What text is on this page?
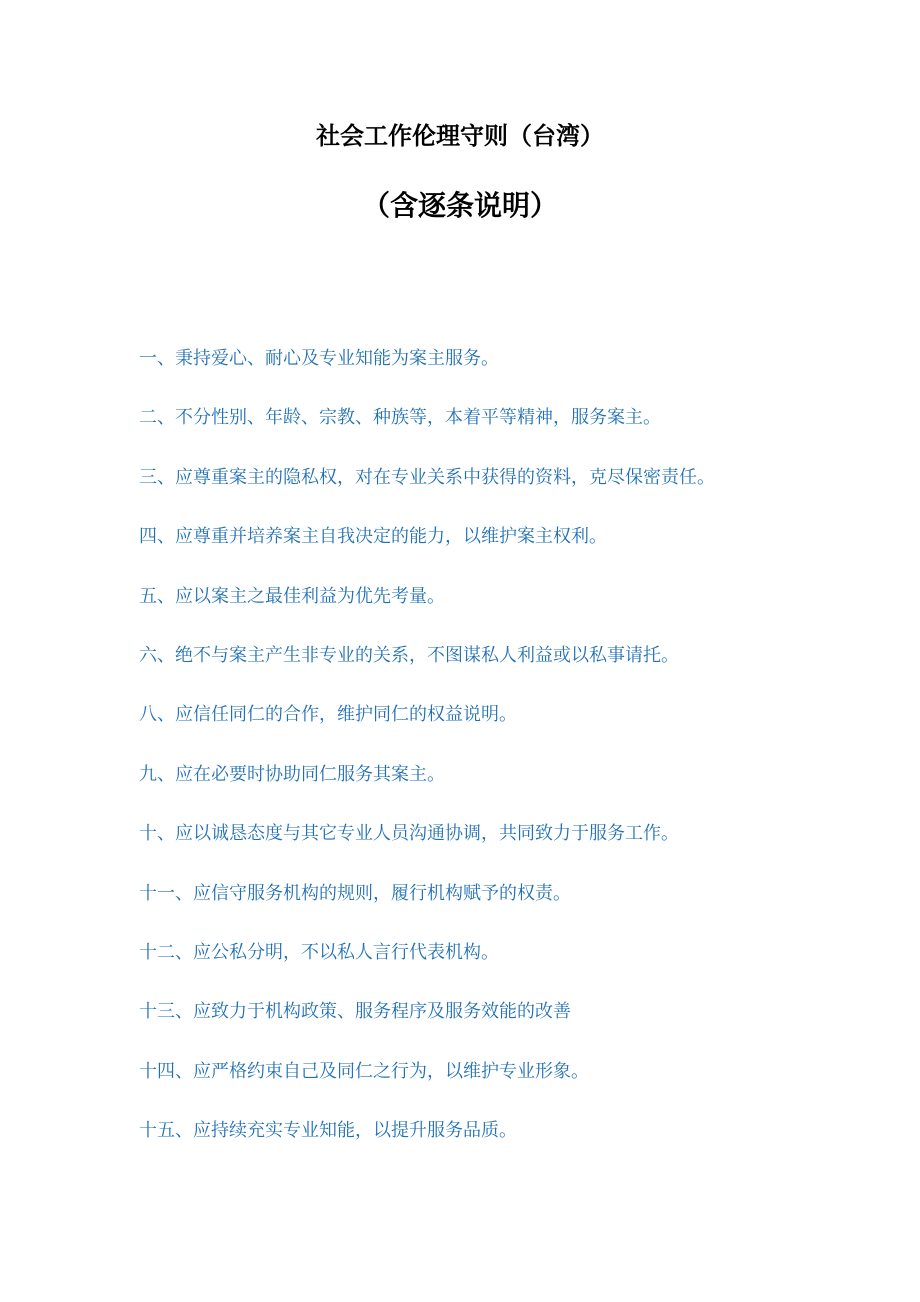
社会工作伦理守则（台湾）
（含逐条说明）
一、秉持爱心、耐心及专业知能为案主服务。
二、不分性别、年龄、宗教、种族等，本着平等精神，服务案主。
三、应尊重案主的隐私权，对在专业关系中获得的资料，克尽保密责任。
四、应尊重并培养案主自我决定的能力，以维护案主权利。
五、应以案主之最佳利益为优先考量。
六、绝不与案主产生非专业的关系，不图谋私人利益或以私事请托。
八、应信任同仁的合作，维护同仁的权益说明。
九、应在必要时协助同仁服务其案主。
十、应以诚恳态度与其它专业人员沟通协调，共同致力于服务工作。
十一、应信守服务机构的规则，履行机构赋予的权责。
十二、应公私分明，不以私人言行代表机构。
十三、应致力于机构政策、服务程序及服务效能的改善
十四、应严格约束自己及同仁之行为，以维护专业形象。
十五、应持续充实专业知能，以提升服务品质。
